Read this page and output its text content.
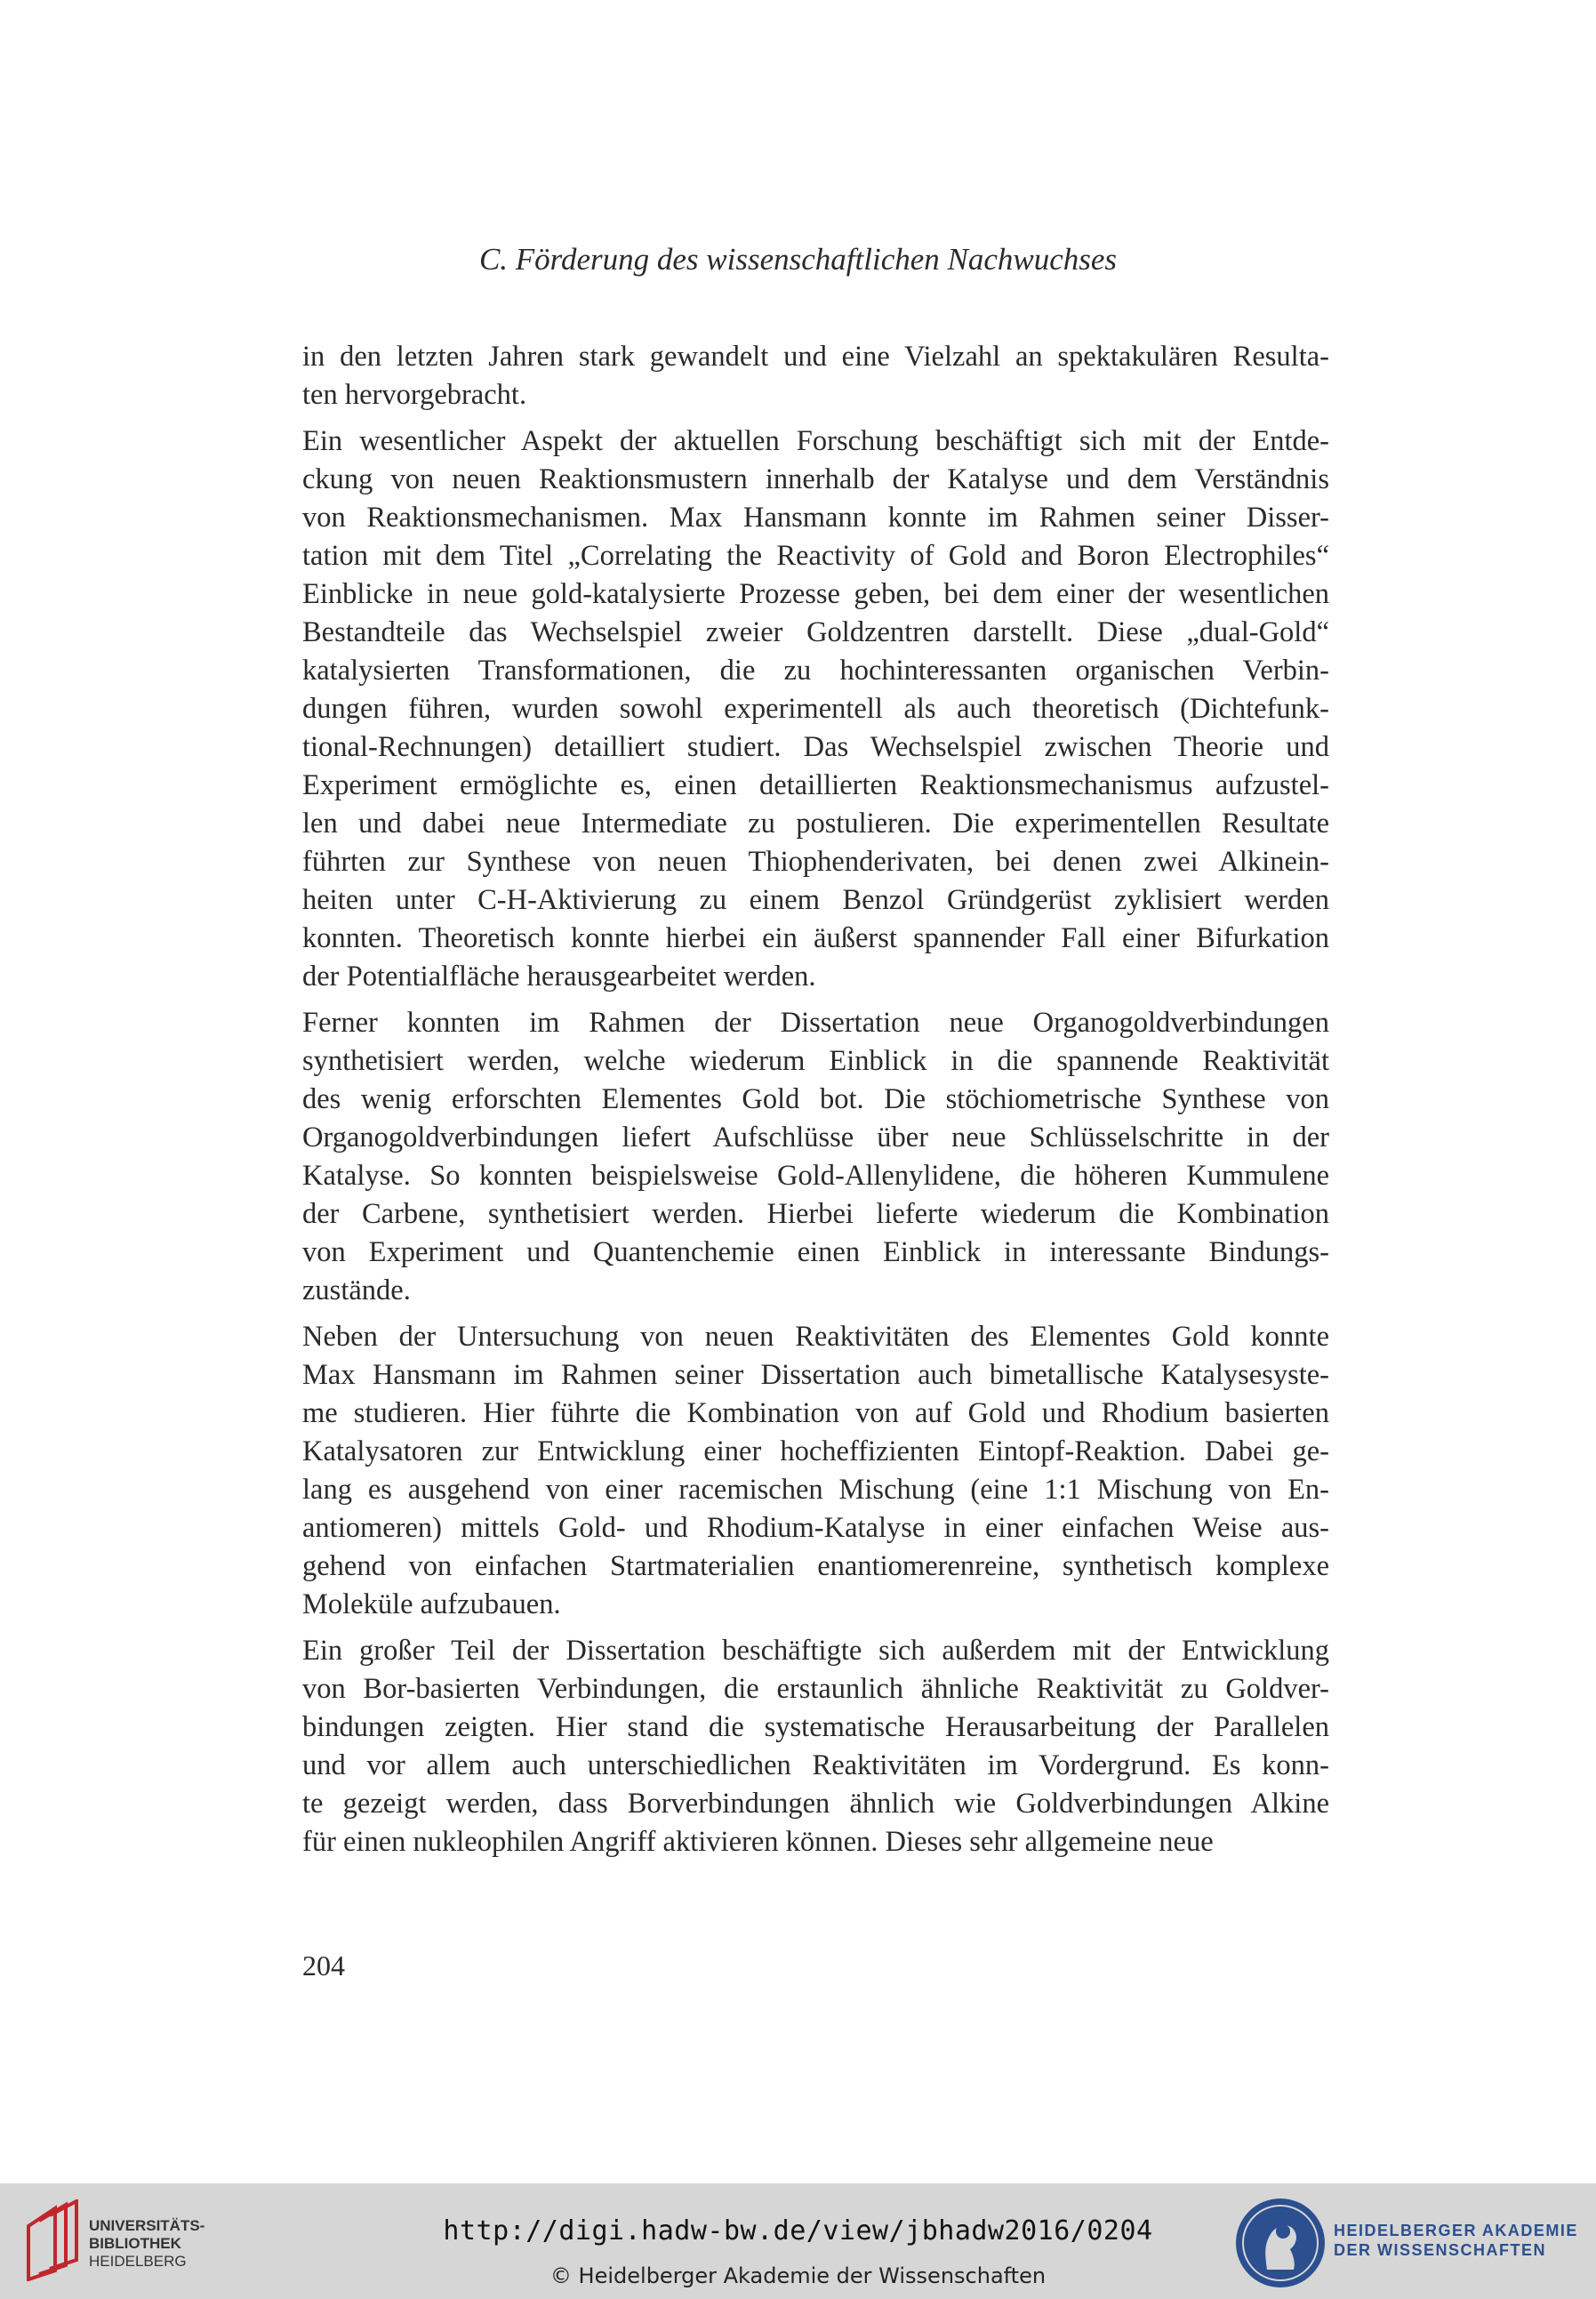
C. Förderung des wissenschaftlichen Nachwuchses

in den letzten Jahren stark gewandelt und eine Vielzahl an spektakulären Resulta-
ten hervorgebracht.

Ein wesentlicher Aspekt der aktuellen Forschung beschäftigt sich mit der Entde-
ckung von neuen Reaktionsmustern innerhalb der Katalyse und dem Verständnis
von Reaktionsmechanismen. Max Hansmann konnte im Rahmen seiner Disser-
tation mit dem Titel „Correlating the Reactivity of Gold and Boron Electrophiles“
Einblicke in neue gold-katalysierte Prozesse geben, bei dem einer der wesentlichen
Bestandteile das Wechselspiel zweier Goldzentren darstellt. Diese „dual-Gold“
katalysierten Transformationen, die zu hochinteressanten organischen Verbin-
dungen führen, wurden sowohl experimentell als auch theoretisch (Dichtefunk-
tional-Rechnungen) detailliert studiert. Das Wechselspiel zwischen Theorie und
Experiment ermöglichte es, einen detaillierten Reaktionsmechanismus aufzustel-
len und dabei neue Intermediate zu postulieren. Die experimentellen Resultate
führten zur Synthese von neuen Thiophenderivaten, bei denen zwei Alkinein-
heiten unter C-H-Aktivierung zu einem Benzol Gründgerüst zyklisiert werden
konnten. Theoretisch konnte hierbei ein äußerst spannender Fall einer Bifurkation
der Potentialfläche herausgearbeitet werden.

Ferner konnten im Rahmen der Dissertation neue Organogoldverbindungen
synthetisiert werden, welche wiederum Einblick in die spannende Reaktivität
des wenig erforschten Elementes Gold bot. Die stöchiometrische Synthese von
Organogoldverbindungen liefert Aufschlüsse über neue Schlüsselschritte in der
Katalyse. So konnten beispielsweise Gold-Allenylidene, die höheren Kummulene
der Carbene, synthetisiert werden. Hierbei lieferte wiederum die Kombination
von Experiment und Quantenchemie einen Einblick in interessante Bindungs-
zustände.

Neben der Untersuchung von neuen Reaktivitäten des Elementes Gold konnte
Max Hansmann im Rahmen seiner Dissertation auch bimetallische Katalysesyste-
me studieren. Hier führte die Kombination von auf Gold und Rhodium basierten
Katalysatoren zur Entwicklung einer hocheffizienten Eintopf-Reaktion. Dabei ge-
lang es ausgehend von einer racemischen Mischung (eine 1:1 Mischung von En-
antiomeren) mittels Gold- und Rhodium-Katalyse in einer einfachen Weise aus-
gehend von einfachen Startmaterialien enantiomerenreine, synthetisch komplexe
Moleküle aufzubauen.

Ein großer Teil der Dissertation beschäftigte sich außerdem mit der Entwicklung
von Bor-basierten Verbindungen, die erstaunlich ähnliche Reaktivität zu Goldver-
bindungen zeigten. Hier stand die systematische Herausarbeitung der Parallelen
und vor allem auch unterschiedlichen Reaktivitäten im Vordergrund. Es konn-
te gezeigt werden, dass Borverbindungen ähnlich wie Goldverbindungen Alkine
für einen nukleophilen Angriff aktivieren können. Dieses sehr allgemeine neue

204
UNIVERSITÄTS-
BIBLIOTHEK
HEIDELBERG
http://digi.hadw-bw.de/view/jbhadw2016/0204
© Heidelberger Akademie der Wissenschaften
HEIDELBERGER AKADEMIE
DER WISSENSCHAFTEN
